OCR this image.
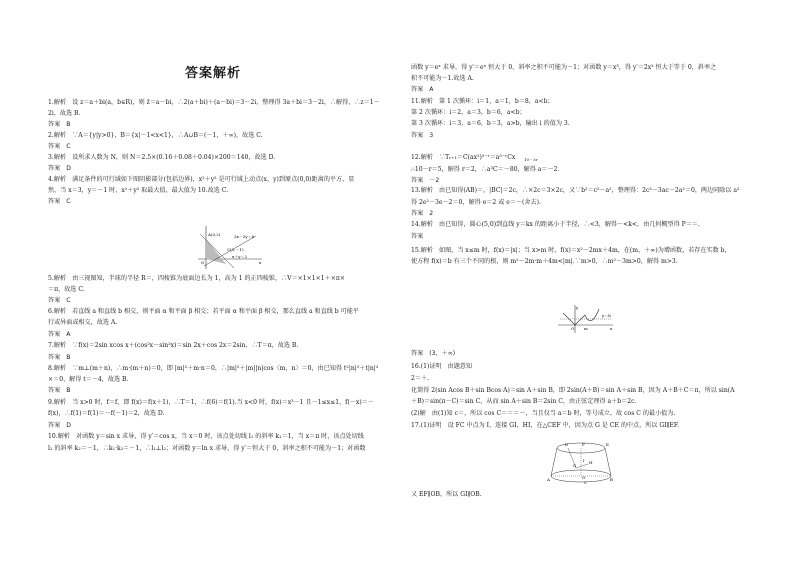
答案解析
1.解析　设 z＝a＋bi(a，b∈R)，则 z̄＝a－bi，∴2(a＋bi)＋(a－bi)＝3－2i，整理得 3a＋bi＝3－2i，∴解得，∴z＝1－
2i，故选 B.
答案　B
2.解析　∵A＝{y|y>0}，B＝{x|－1<x<1}，∴A∪B＝(－1，＋∞)，故选 C.
答案　C
3.解析　设所求人数为 N，则 N＝2.5×(0.16＋0.08＋0.04)×200＝140，故选 D.
答案　D
4.解析　满足条件的可行域如下图阴影部分(包括边界)，x²＋y² 是可行域上动点(x，y)到原点(0,0)距离的平方，显
然，当 x＝3，y＝－1 时，x²＋y² 取最大值，最大值为 10.故选 C.
答案　C
5.解析　由三视图知，半球的半径 R＝，四棱锥为底面边长为 1，高为 1 的正四棱锥，∴V＝×1×1×1＋×π×
＝π，故选 C.
答案　C
6.解析　若直线 a 和直线 b 相交，则平面 α 和平面 β 相交；若平面 α 和平面 β 相交，那么直线 a 和直线 b 可能平
行或异面或相交，故选 A.
答案　A
7.解析　∵f(x)＝2sin xcos x＋(cos²x－sin²x)＝sin 2x＋cos 2x＝2sin，∴T＝π，故选 B.
答案　B
8.解析　∵m⊥(m＋n)，∴m·(m＋n)＝0，即 |m|²＋m·n＝0，∴|m|²＋|m||n|cos〈m，n〉＝0，由已知得 t²|n|²＋t|n|²
×＝0，解得 t＝－4，故选 B.
答案　B
9.解析　当 x>0 时，f＝f，即 f(x)＝f(x＋1)，∴T＝1，∴f(6)＝f(1).当 x<0 时，f(x)＝x³－1 且－1≤x≤1，f(－x)＝－
f(x)，∴f(1)＝f(1)＝－f(－1)＝2，故选 D.
答案　D
10.解析　对函数 y＝sin x 求导，得 y′＝cos x，当 x＝0 时，该点处切线 l₁ 的斜率 k₁＝1，当 x＝π 时，该点处切线
l₂ 的斜率 k₂＝－1，∴k₁·k₂＝－1，∴l₁⊥l₂；对函数 y＝ln x 求导，得 y′＝恒大于 0，斜率之积不可能为－1；对函数
函数 y＝eˣ 求导，得 y′＝eˣ 恒大于 0，斜率之积不可能为－1；对函数 y＝x³，得 y′＝2x² 恒大于等于 0，斜率之
积不可能为－1.故选 A.
答案　A
11.解析　第 1 次循环：i＝1，a＝1，b＝8，a<b；
第 2 次循环：i＝2，a＝3，b＝6，a<b；
第 3 次循环：i＝3，a＝6，b＝3，a>b，输出 i 的值为 3.
答案　3
12.解析　∵Tᵣ₊₁＝C(ax²)⁵⁻ʳ＝a⁵⁻ʳCx
∴10－r＝5，解得 r＝2，∴a³C＝－80，解得 a＝－2.
答案　－2
13.解析　由已知得(AB)＝，|BC|＝2c，∴×2c＝3×2c，又∵b²＝c²－a²，整理得：2c²－3ac－2a²＝0，两边同除以 a²
得 2e²－3e－2＝0，解得 e＝2 或 e＝－(舍去).
答案　2
14.解析　由已知得，圆心(5,0)到直线 y＝kx 的距离小于半径，∴<3，解得－<k<，由几何概型得 P＝＝.
答案
15.解析　如图，当 x≤m 时，f(x)＝|x|；当 x>m 时，f(x)＝x²－2mx＋4m，在(m，＋∞)为增函数，若存在实数 b，
使方程 f(x)＝b 有三个不同的根，则 m²－2m·m＋4m<|m|.∵m>0，∴m²－3m>0，解得 m>3.
答案　(3，＋∞)
16.(1)证明　由题意知
2＝＋.
化简得 2(sin Acos B＋sin Bcos A)＝sin A＋sin B，即 2sin(A＋B)＝sin A＋sin B，因为 A＋B＋C＝π，所以 sin(A
＋B)＝sin(π－C)＝sin C，从而 sin A＋sin B＝2sin C，由正弦定理得 a＋b＝2c.
(2)解　由(1)知 c＝，所以 cos C＝＝＝－，当且仅当 a＝b 时，等号成立，故 cos C 的最小值为.
17.(1)证明　设 FC 中点为 I，连接 GI，HI，在△CEF 中，因为点 G 是 CE 的中点，所以 GI∥EF.
又 EF∥OB，所以 GI∥OB.
A(0,2)	2x－3y＝6
C(3,－1)
x＋y＝2
O	x
10－3r
y
y＝b
O m	x
A	B
C
O
D	F	E
G
H
I
